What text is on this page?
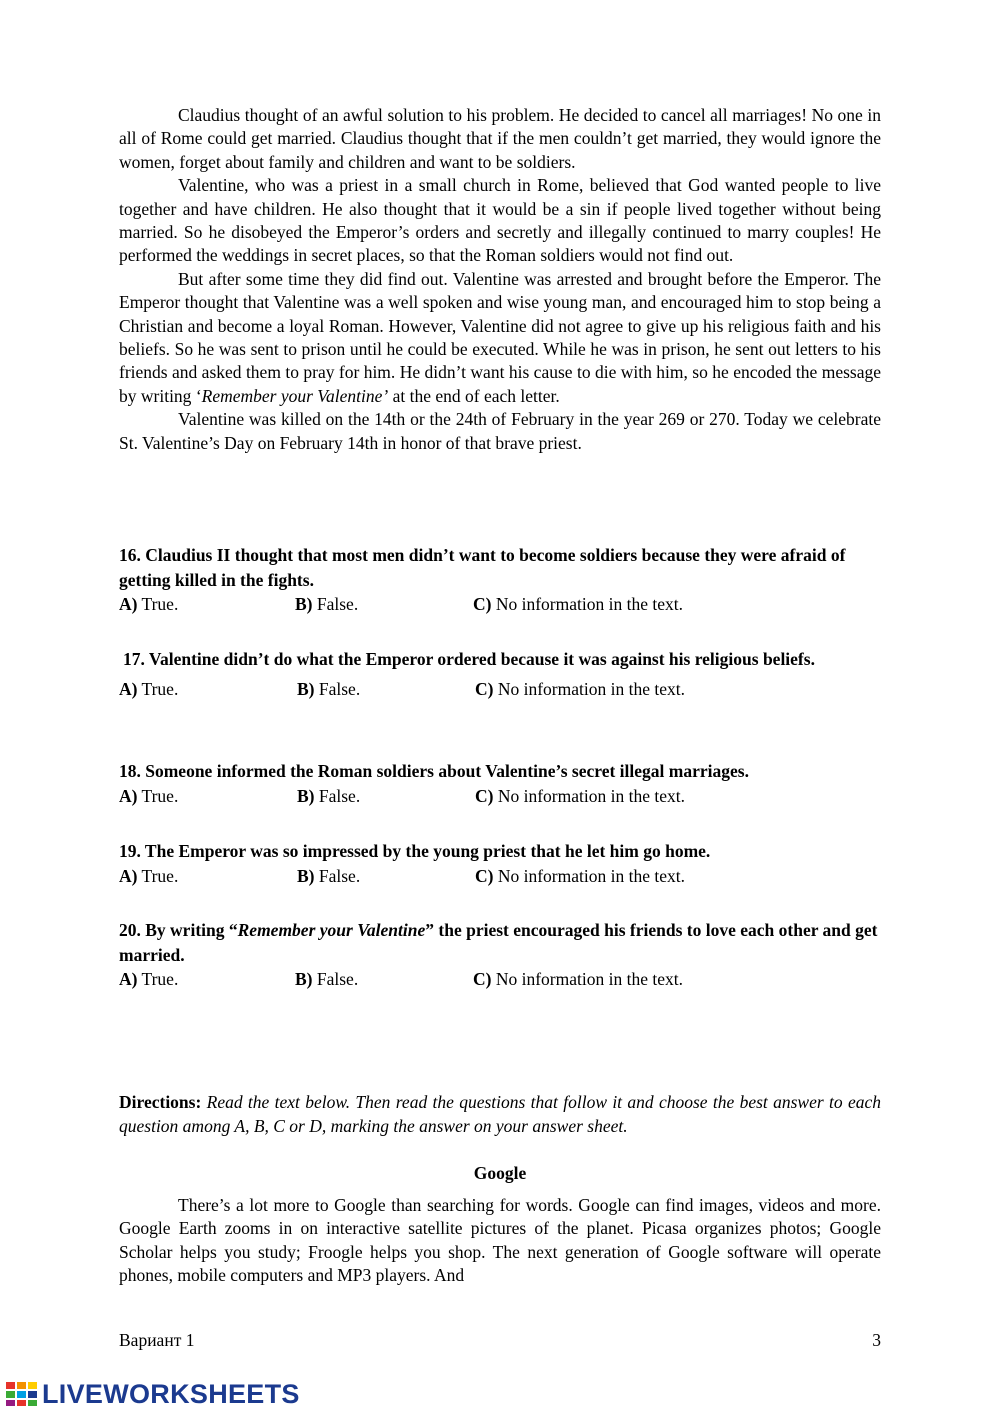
Claudius thought of an awful solution to his problem. He decided to cancel all marriages! No one in all of Rome could get married. Claudius thought that if the men couldn’t get married, they would ignore the women, forget about family and children and want to be soldiers.

Valentine, who was a priest in a small church in Rome, believed that God wanted people to live together and have children. He also thought that it would be a sin if people lived together without being married. So he disobeyed the Emperor’s orders and secretly and illegally continued to marry couples! He performed the weddings in secret places, so that the Roman soldiers would not find out.

But after some time they did find out. Valentine was arrested and brought before the Emperor. The Emperor thought that Valentine was a well spoken and wise young man, and encouraged him to stop being a Christian and become a loyal Roman. However, Valentine did not agree to give up his religious faith and his beliefs. So he was sent to prison until he could be executed. While he was in prison, he sent out letters to his friends and asked them to pray for him. He didn’t want his cause to die with him, so he encoded the message by writing ‘Remember your Valentine’ at the end of each letter.

Valentine was killed on the 14th or the 24th of February in the year 269 or 270. Today we celebrate St. Valentine’s Day on February 14th in honor of that brave priest.

16. Claudius II thought that most men didn’t want to become soldiers because they were afraid of getting killed in the fights.

A) True.	B) False.	C) No information in the text.

17. Valentine didn’t do what the Emperor ordered because it was against his religious beliefs.

A) True.	B) False.	C) No information in the text.

18. Someone informed the Roman soldiers about Valentine’s secret illegal marriages.

A) True.	B) False.	C) No information in the text.

19. The Emperor was so impressed by the young priest that he let him go home.

A) True.	B) False.	C) No information in the text.

20. By writing “Remember your Valentine” the priest encouraged his friends to love each other and get married.

A) True.	B) False.	C) No information in the text.
Directions: Read the text below. Then read the questions that follow it and choose the best answer to each question among A, B, C or D, marking the answer on your answer sheet.
Google

There’s a lot more to Google than searching for words. Google can find images, videos and more. Google Earth zooms in on interactive satellite pictures of the planet. Picasa organizes photos; Google Scholar helps you study; Froogle helps you shop. The next generation of Google software will operate phones, mobile computers and MP3 players. And

Вариант 1	3
LIVEWORKSHEETS
